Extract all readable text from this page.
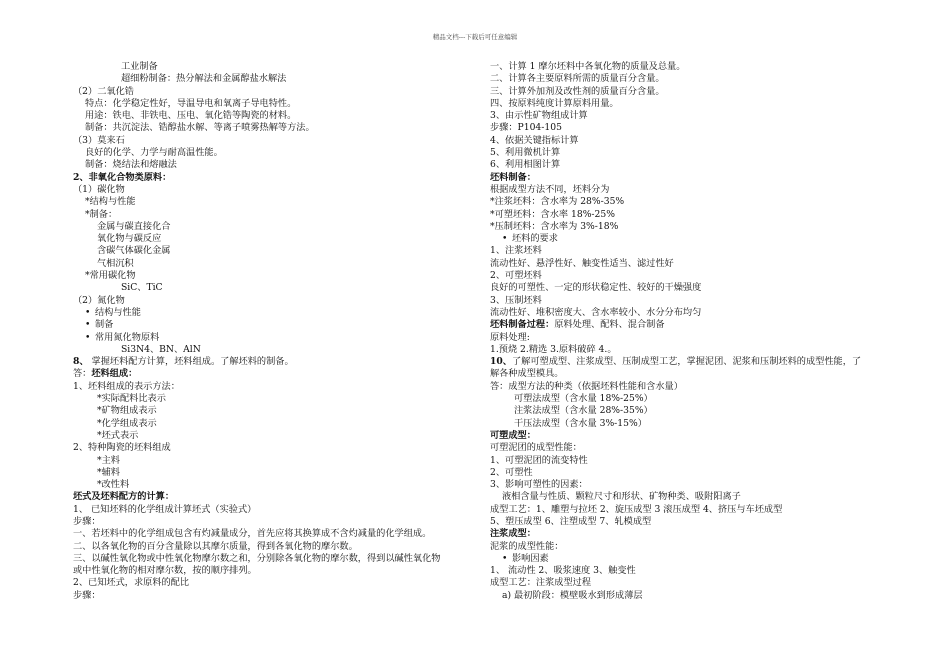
精品文档---下载后可任意编辑
工业制备
超细粉制备：热分解法和金属醇盐水解法
（2）二氧化锆
特点：化学稳定性好，导温导电和氧离子导电特性。
用途：铁电、非铁电、压电、氧化锆等陶瓷的材料。
制备：共沉淀法、锆醇盐水解、等离子喷雾热解等方法。
（3）莫来石
良好的化学、力学与耐高温性能。
制备：烧结法和熔融法
2、非氧化合物类原料：
（1）碳化物
*结构与性能
*制备：
金属与碳直接化合
氧化物与碳反应
含碳气体碳化金属
气相沉积
*常用碳化物
SiC、TiC
（2）氮化物
• 结构与性能
• 制备
• 常用氮化物原料
Si3N4、BN、AlN
8、 掌握坯料配方计算，坯料组成。了解坯料的制备。
答：坯料组成：
1、坯料组成的表示方法：
*实际配料比表示
*矿物组成表示
*化学组成表示
*坯式表示
2、特种陶瓷的坯料组成
*主料
*辅料
*改性料
坯式及坯料配方的计算：
1、 已知坯料的化学组成计算坯式（实验式）
步骤：
一、若坯料中的化学组成包含有灼减量成分，首先应将其换算成不含灼减量的化学组成。
二、以各氧化物的百分含量除以其摩尔质量，得到各氧化物的摩尔数。
三、以碱性氧化物或中性氧化物摩尔数之和，分别除各氧化物的摩尔数，得到以碱性氧化物
或中性氧化物的相对摩尔数，按的顺序排列。
2、已知坯式，求原料的配比
步骤：
一、计算 1 摩尔坯料中各氧化物的质量及总量。
二、计算各主要原料所需的质量百分含量。
三、计算外加剂及改性剂的质量百分含量。
四、按原料纯度计算原料用量。
3、由示性矿物组成计算
步骤：P104-105
4、依据关键指标计算
5、利用微机计算
6、利用相图计算
坯料制备：
根据成型方法不同，坯料分为
*注浆坯料：含水率为 28%-35%
*可塑坯料：含水率 18%-25%
*压制坯料：含水率为 3%-18%
• 坯料的要求
1、注浆坯料
流动性好、悬浮性好、触变性适当、滤过性好
2、可塑坯料
良好的可塑性、一定的形状稳定性、较好的干燥强度
3、压制坯料
流动性好、堆积密度大、含水率较小、水分分布均匀
坯料制备过程：原料处理、配料、混合制备
原料处理:
1.预烧 2.精选 3.原料破碎 4.。
10、了解可塑成型、注浆成型、压制成型工艺，掌握泥团、泥浆和压制坯料的成型性能，了
解各种成型模具。
答：成型方法的种类（依据坯料性能和含水量）
可塑法成型（含水量 18%-25%）
注浆法成型（含水量 28%-35%）
干压法成型（含水量 3%-15%）
可塑成型：
可塑泥团的成型性能：
1、可塑泥团的流变特性
2、可塑性
3、影响可塑性的因素：
液相含量与性质、颗粒尺寸和形状、矿物种类、吸附阳离子
成型工艺：1、雕塑与拉坯 2、旋压成型 3 滚压成型 4、挤压与车坯成型
5、塑压成型 6、注塑成型 7、轧模成型
注浆成型：
泥浆的成型性能：
• 影响因素
1、 流动性 2、吸浆速度 3、触变性
成型工艺：注浆成型过程
a) 最初阶段：模壁吸水到形成薄层
